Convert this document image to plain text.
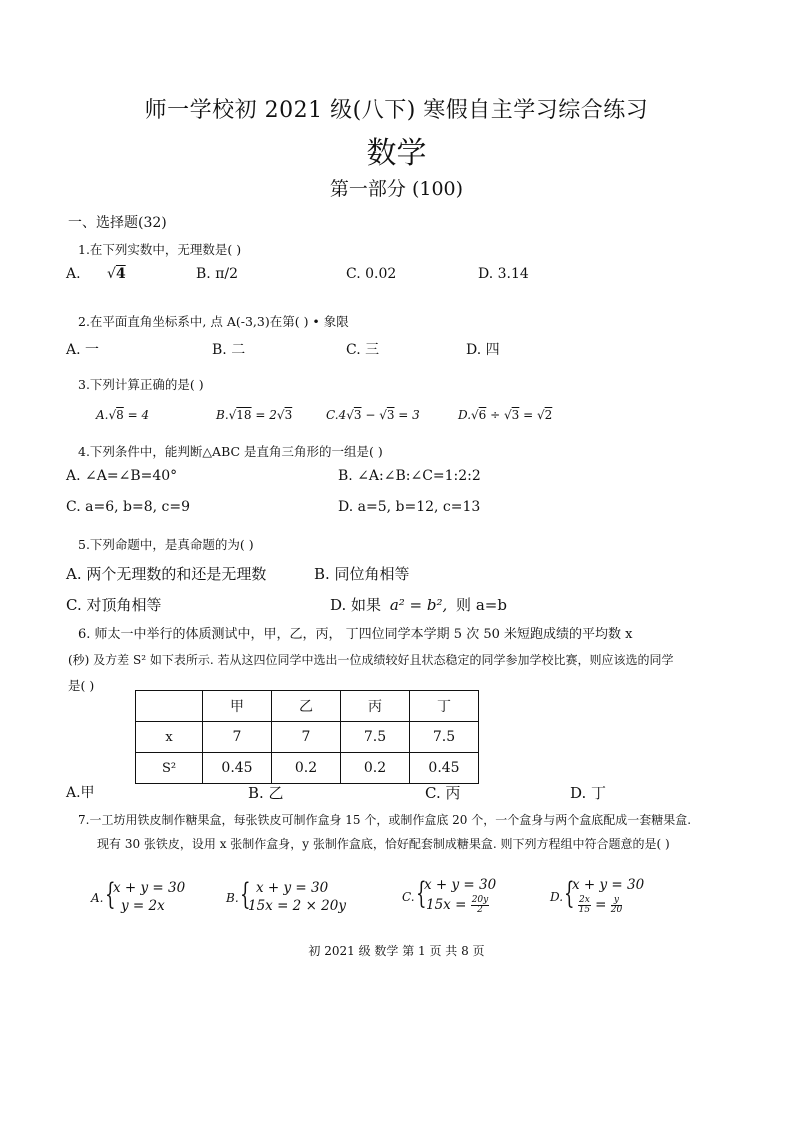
师一学校初 2021 级(八下) 寒假自主学习综合练习
数学
第一部分 (100)
一、选择题(32)
1.在下列实数中，无理数是( )
A. √4	B. π/2	C. 0.02	D. 3.14
2.在平面直角坐标系中, 点 A(-3,3)在第( ) • 象限
A. 一	B. 二	C. 三	D. 四
3.下列计算正确的是( )
A.√8 = 4	B.√18 = 2√3	C.4√3 − √3 = 3	D.√6 ÷ √3 = √2
4.下列条件中，能判断△ABC 是直角三角形的一组是( )
A. ∠A=∠B=40°	B. ∠A:∠B:∠C=1:2:2
C. a=6, b=8, c=9	D. a=5, b=12, c=13
5.下列命题中，是真命题的为( )
A. 两个无理数的和还是无理数	B. 同位角相等
C. 对顶角相等	D. 如果 a² = b², 则 a=b
6. 师太一中举行的体质测试中，甲，乙，丙， 丁四位同学本学期 5 次 50 米短跑成绩的平均数 x
(秒) 及方差 S² 如下表所示. 若从这四位同学中选出一位成绩较好且状态稳定的同学参加学校比赛，则应该选的同学
是( )
	甲	乙	丙	丁
x	7	7	7.5	7.5
S²	0.45	0.2	0.2	0.45
A.甲	B. 乙	C. 丙	D. 丁
7.一工坊用铁皮制作糖果盒，每张铁皮可制作盒身 15 个，或制作盒底 20 个，一个盒身与两个盒底配成一套糖果盒.
现有 30 张铁皮，设用 x 张制作盒身，y 张制作盒底，恰好配套制成糖果盒. 则下列方程组中符合题意的是( )
A. {
x + y = 30
y = 2x	B. { x + y = 30
15x = 2 × 20y
C. {
x + y = 30
$15x = \frac{20y}{2}$	D. {
x + y = 30
$\frac{2x}{15} = \frac{y}{20}$
初 2021 级 数学 第 1 页 共 8 页
